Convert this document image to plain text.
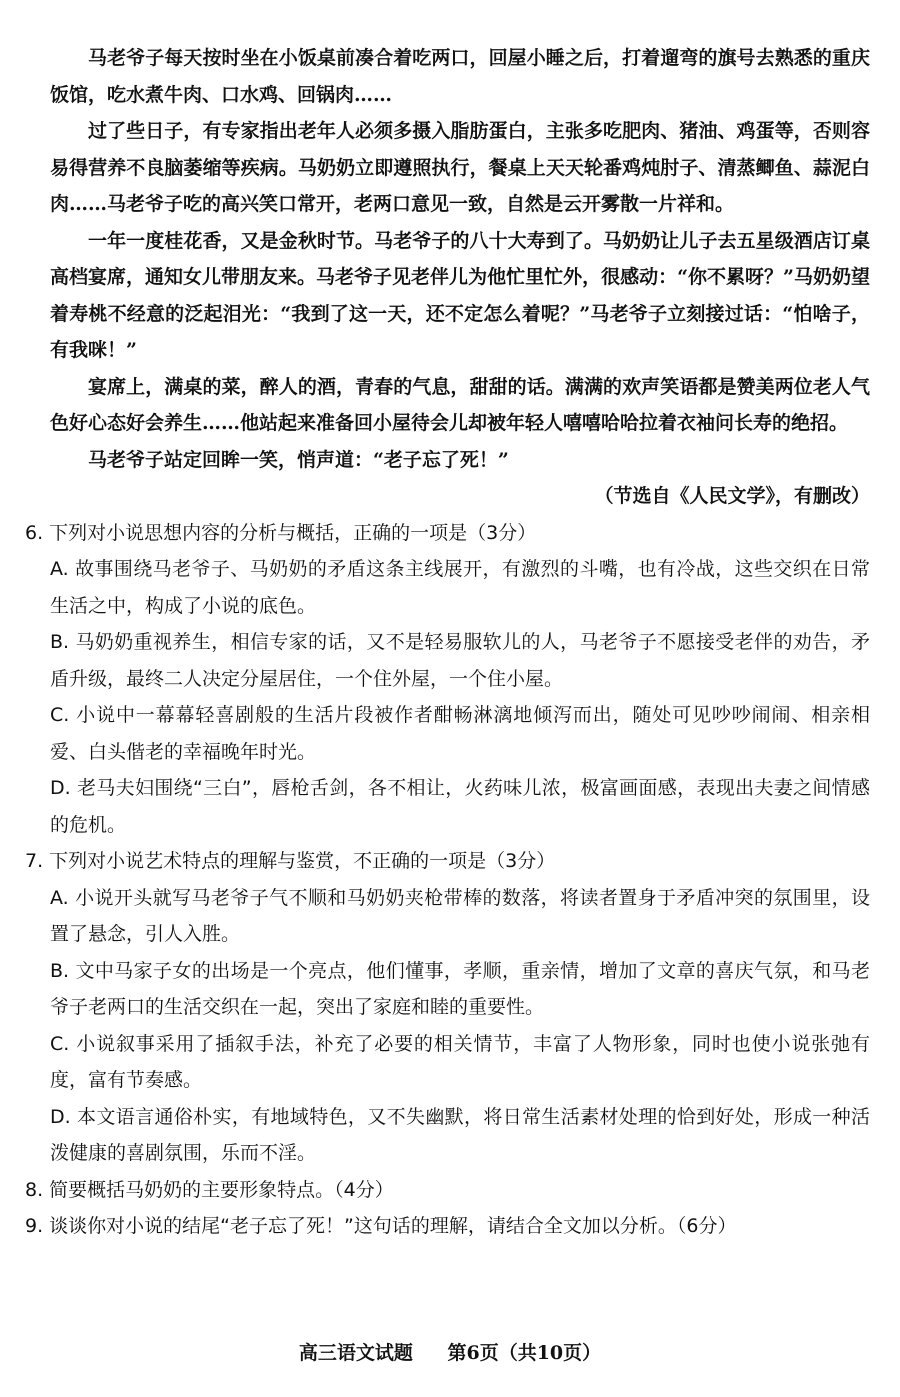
马老爷子每天按时坐在小饭桌前凑合着吃两口，回屋小睡之后，打着遛弯的旗号去熟悉的重庆饭馆，吃水煮牛肉、口水鸡、回锅肉……

过了些日子，有专家指出老年人必须多摄入脂肪蛋白，主张多吃肥肉、猪油、鸡蛋等，否则容易得营养不良脑萎缩等疾病。马奶奶立即遵照执行，餐桌上天天轮番鸡炖肘子、清蒸鲫鱼、蒜泥白肉……马老爷子吃的高兴笑口常开，老两口意见一致，自然是云开雾散一片祥和。

一年一度桂花香，又是金秋时节。马老爷子的八十大寿到了。马奶奶让儿子去五星级酒店订桌高档宴席，通知女儿带朋友来。马老爷子见老伴儿为他忙里忙外，很感动：“你不累呀？”马奶奶望着寿桃不经意的泛起泪光：“我到了这一天，还不定怎么着呢？”马老爷子立刻接过话：“怕啥子，有我咪！”

宴席上，满桌的菜，醉人的酒，青春的气息，甜甜的话。满满的欢声笑语都是赞美两位老人气色好心态好会养生……他站起来准备回小屋待会儿却被年轻人嘻嘻哈哈拉着衣袖问长寿的绝招。

马老爷子站定回眸一笑，悄声道：“老子忘了死！”

（节选自《人民文学》，有删改）

6. 下列对小说思想内容的分析与概括，正确的一项是（3分）

A. 故事围绕马老爷子、马奶奶的矛盾这条主线展开，有激烈的斗嘴，也有冷战，这些交织在日常生活之中，构成了小说的底色。

B. 马奶奶重视养生，相信专家的话，又不是轻易服软儿的人，马老爷子不愿接受老伴的劝告，矛盾升级，最终二人决定分屋居住，一个住外屋，一个住小屋。

C. 小说中一幕幕轻喜剧般的生活片段被作者酣畅淋漓地倾泻而出，随处可见吵吵闹闹、相亲相爱、白头偕老的幸福晚年时光。

D. 老马夫妇围绕“三白”，唇枪舌剑，各不相让，火药味儿浓，极富画面感，表现出夫妻之间情感的危机。

7. 下列对小说艺术特点的理解与鉴赏，不正确的一项是（3分）

A. 小说开头就写马老爷子气不顺和马奶奶夹枪带棒的数落，将读者置身于矛盾冲突的氛围里，设置了悬念，引人入胜。

B. 文中马家子女的出场是一个亮点，他们懂事，孝顺，重亲情，增加了文章的喜庆气氛，和马老爷子老两口的生活交织在一起，突出了家庭和睦的重要性。

C. 小说叙事采用了插叙手法，补充了必要的相关情节，丰富了人物形象，同时也使小说张弛有度，富有节奏感。

D. 本文语言通俗朴实，有地域特色，又不失幽默，将日常生活素材处理的恰到好处，形成一种活泼健康的喜剧氛围，乐而不淫。

8. 简要概括马奶奶的主要形象特点。（4分）

9. 谈谈你对小说的结尾“老子忘了死！”这句话的理解，请结合全文加以分析。（6分）

高三语文试题 第6页（共10页）
